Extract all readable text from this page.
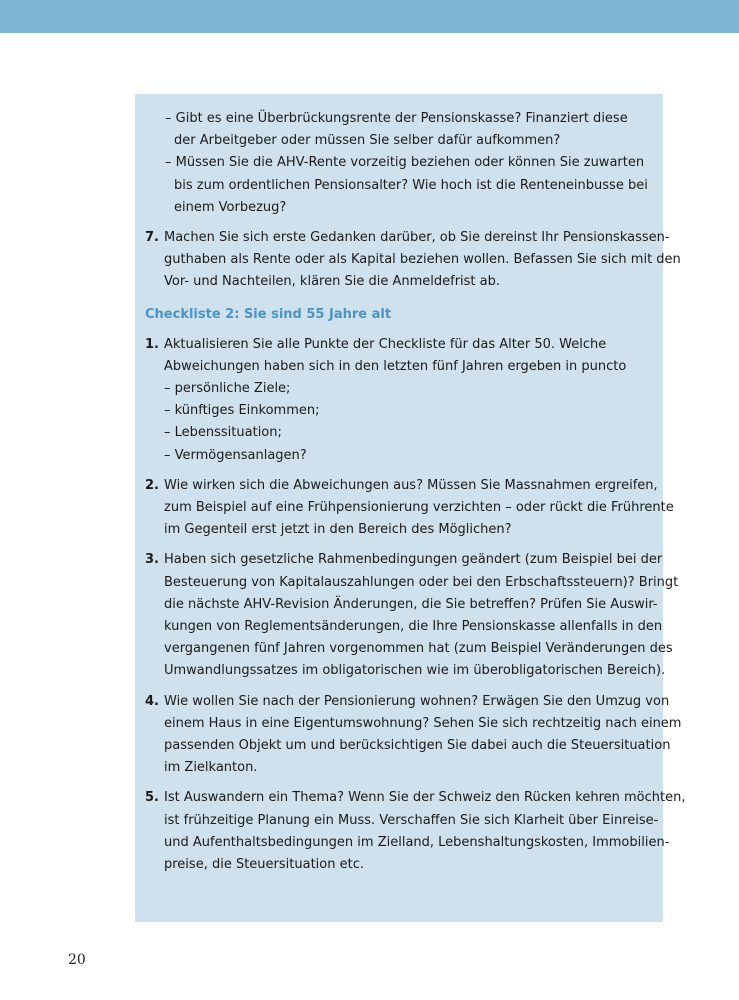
– Gibt es eine Überbrückungsrente der Pensionskasse? Finanziert diese
der Arbeitgeber oder müssen Sie selber dafür aufkommen?
– Müssen Sie die AHV-Rente vorzeitig beziehen oder können Sie zuwarten
bis zum ordentlichen Pensionsalter? Wie hoch ist die Renteneinbusse bei
einem Vorbezug?
7. Machen Sie sich erste Gedanken darüber, ob Sie dereinst Ihr Pensionskassen-
guthaben als Rente oder als Kapital beziehen wollen. Befassen Sie sich mit den
Vor- und Nachteilen, klären Sie die Anmeldefrist ab.
Checkliste 2: Sie sind 55 Jahre alt
1. Aktualisieren Sie alle Punkte der Checkliste für das Alter 50. Welche
Abweichungen haben sich in den letzten fünf Jahren ergeben in puncto
– persönliche Ziele;
– künftiges Einkommen;
– Lebenssituation;
– Vermögensanlagen?
2. Wie wirken sich die Abweichungen aus? Müssen Sie Massnahmen ergreifen,
zum Beispiel auf eine Frühpensionierung verzichten – oder rückt die Frührente
im Gegenteil erst jetzt in den Bereich des Möglichen?
3. Haben sich gesetzliche Rahmenbedingungen geändert (zum Beispiel bei der
Besteuerung von Kapitalauszahlungen oder bei den Erbschaftssteuern)? Bringt
die nächste AHV-Revision Änderungen, die Sie betreffen? Prüfen Sie Auswir-
kungen von Reglementsänderungen, die Ihre Pensionskasse allenfalls in den
vergangenen fünf Jahren vorgenommen hat (zum Beispiel Veränderungen des
Umwandlungssatzes im obligatorischen wie im überobligatorischen Bereich).
4. Wie wollen Sie nach der Pensionierung wohnen? Erwägen Sie den Umzug von
einem Haus in eine Eigentumswohnung? Sehen Sie sich rechtzeitig nach einem
passenden Objekt um und berücksichtigen Sie dabei auch die Steuersituation
im Zielkanton.
5. Ist Auswandern ein Thema? Wenn Sie der Schweiz den Rücken kehren möchten,
ist frühzeitige Planung ein Muss. Verschaffen Sie sich Klarheit über Einreise-
und Aufenthaltsbedingungen im Zielland, Lebenshaltungskosten, Immobilien-
preise, die Steuersituation etc.
20
